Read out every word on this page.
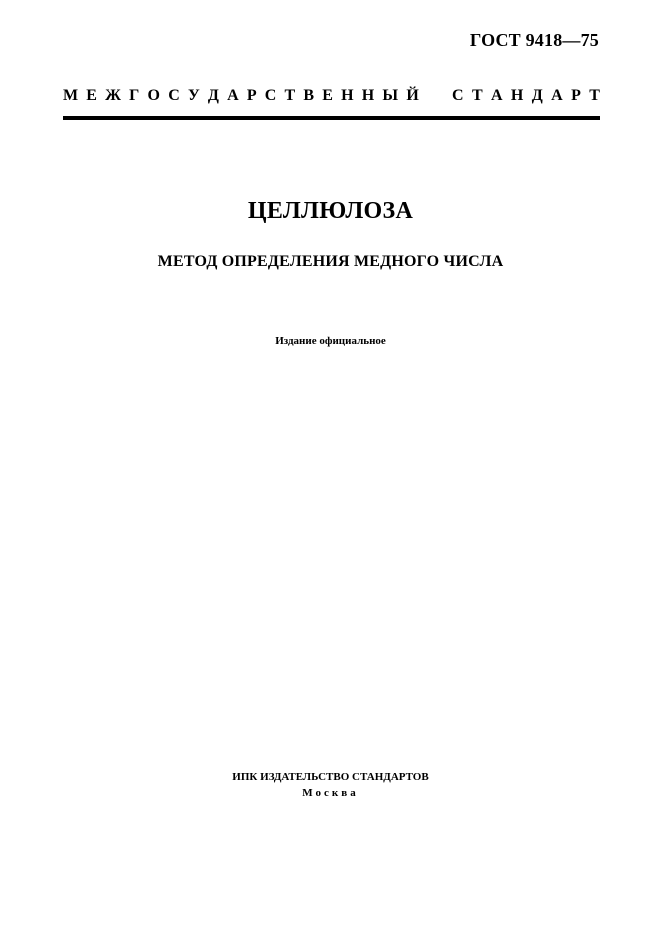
ГОСТ 9418—75
М Е Ж Г О С У Д А Р С Т В Е Н Н Ы Й С Т А Н Д А Р Т
ЦЕЛЛЮЛОЗА
МЕТОД ОПРЕДЕЛЕНИЯ МЕДНОГО ЧИСЛА
Издание официальное
ИПК ИЗДАТЕЛЬСТВО СТАНДАРТОВ
Москва
